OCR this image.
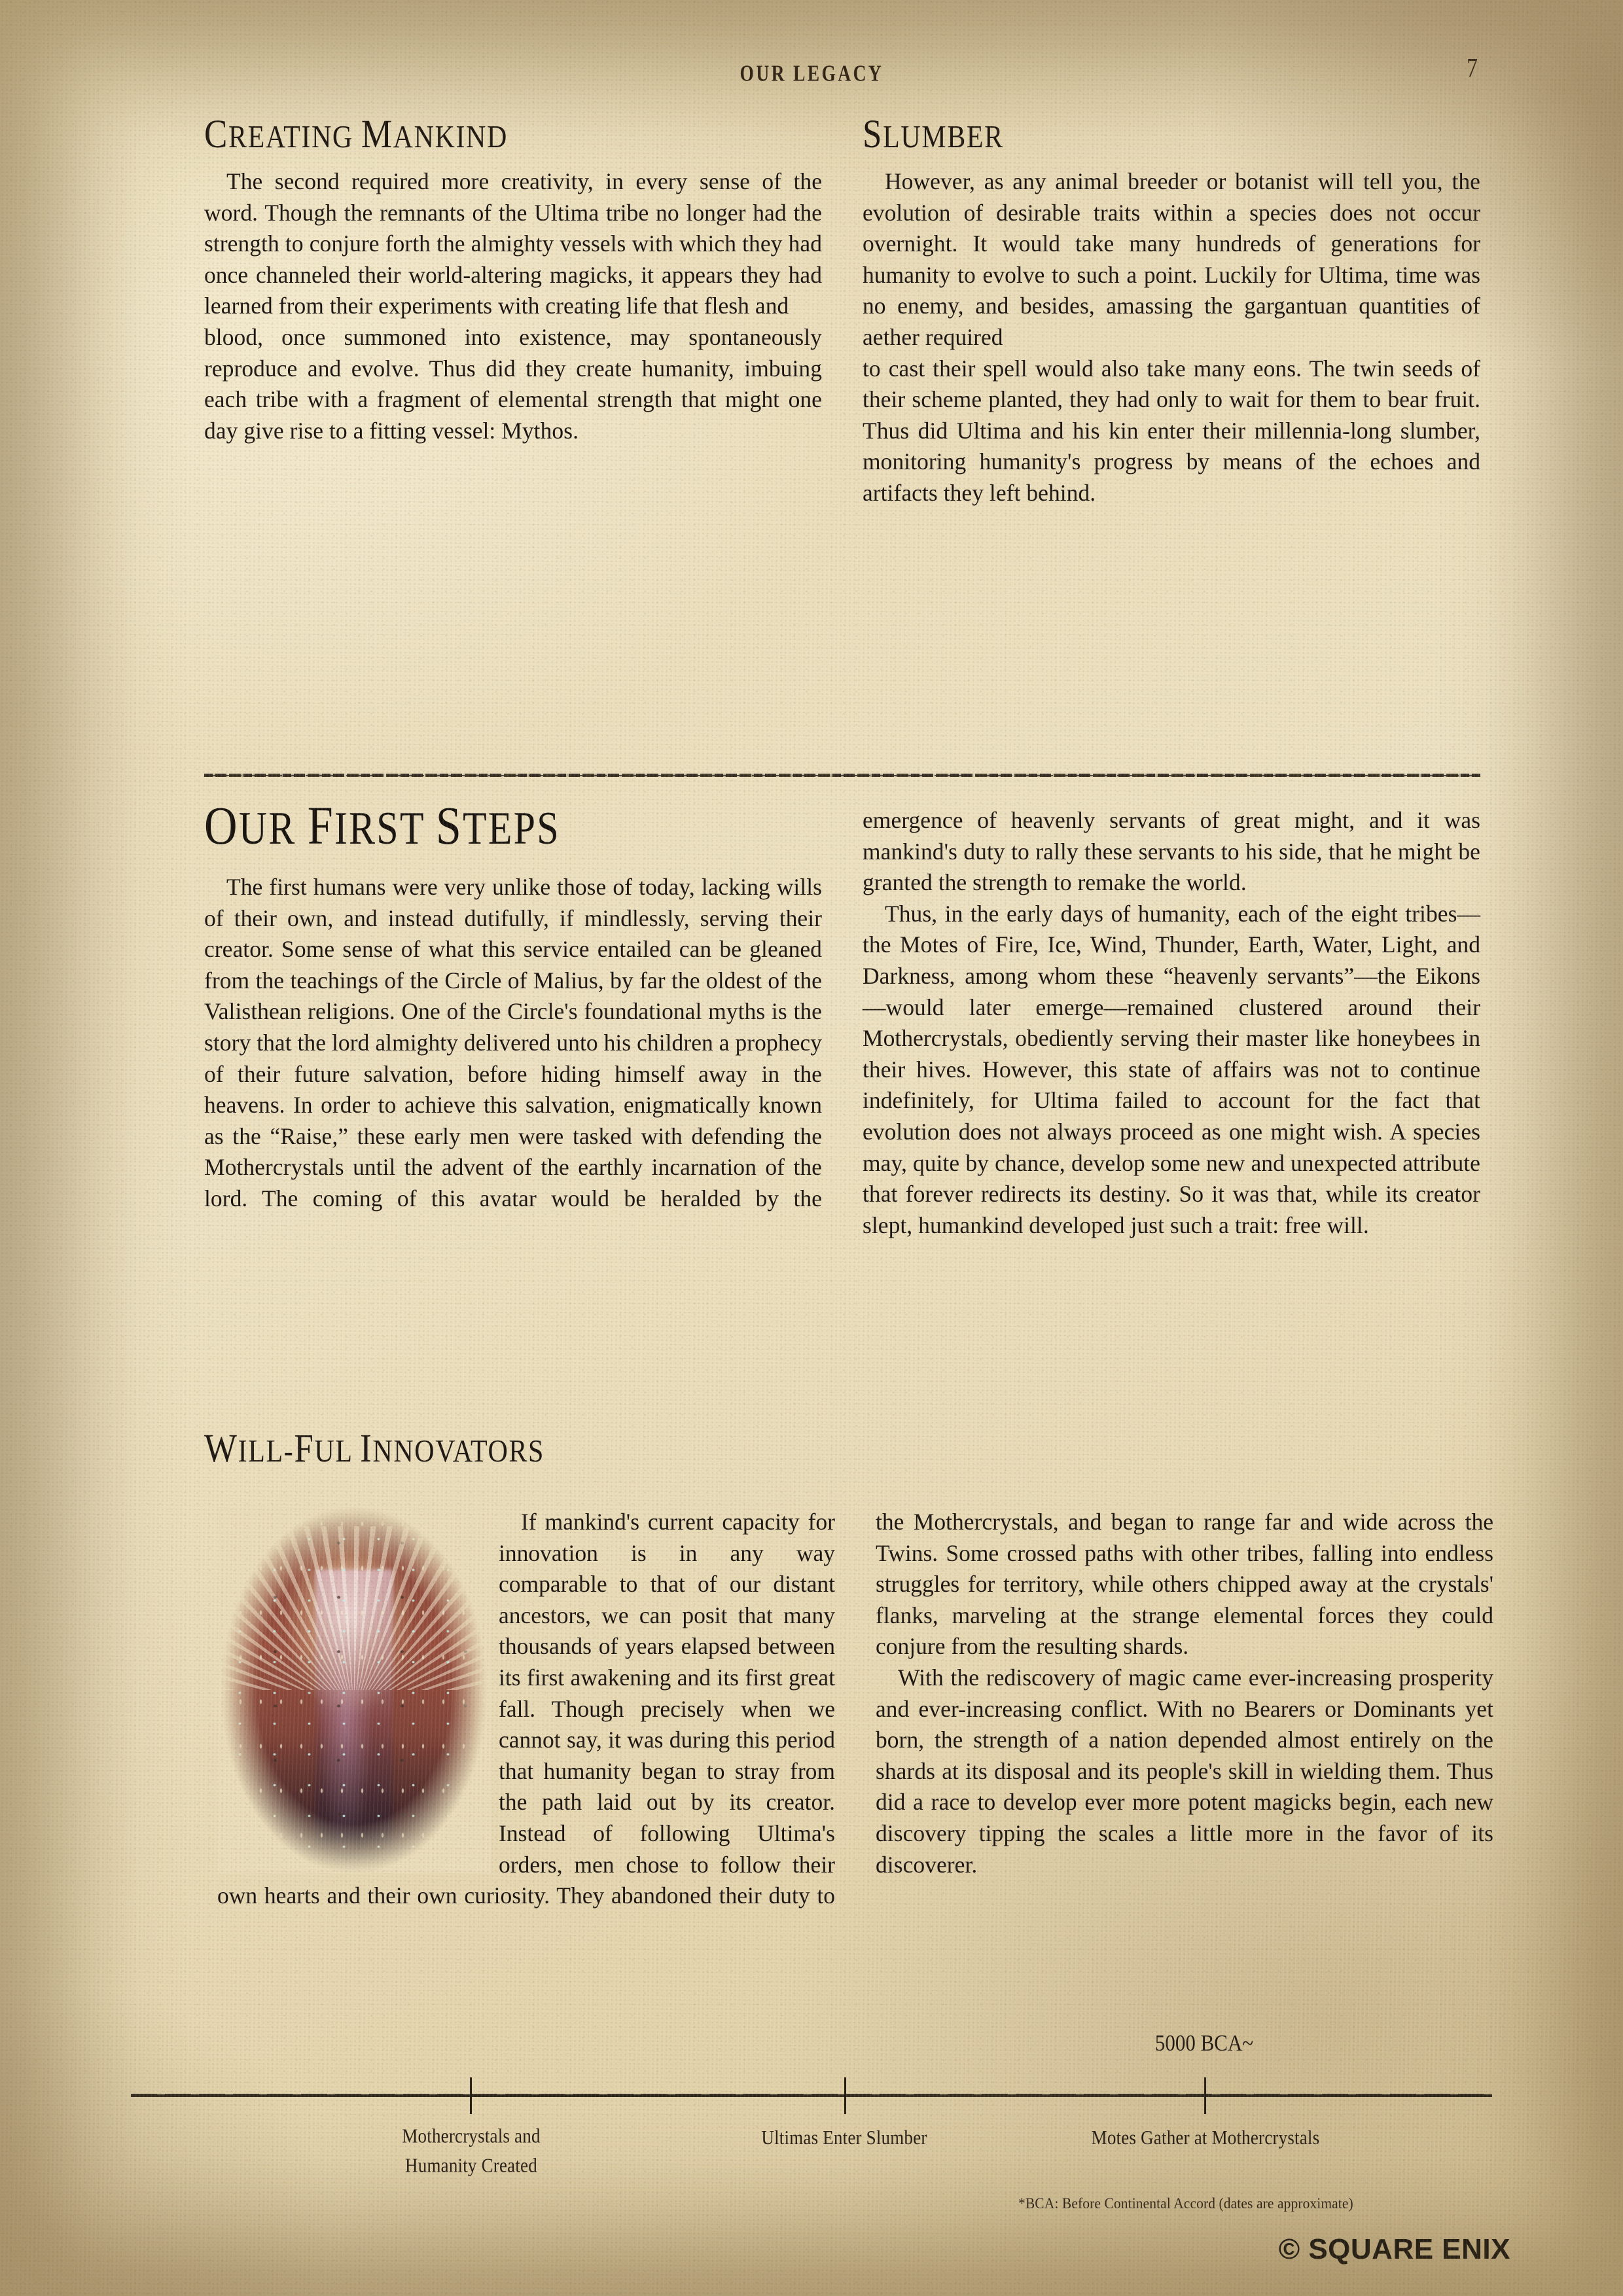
OUR LEGACY	7
CREATING MANKIND

The second required more creativity, in every sense of the word. Though the remnants of the Ultima tribe no longer had the strength to conjure forth the almighty vessels with which they had once channeled their world-altering magicks, it appears they had learned from their experiments with creating life that flesh and

blood, once summoned into existence, may spontaneously reproduce and evolve. Thus did they create humanity, imbuing each tribe with a fragment of elemental strength that might one day give rise to a fitting vessel: Mythos.

SLUMBER

However, as any animal breeder or botanist will tell you, the evolution of desirable traits within a species does not occur overnight. It would take many hundreds of generations for humanity to evolve to such a point. Luckily for Ultima, time was no enemy, and besides, amassing the gargantuan quantities of aether required

to cast their spell would also take many eons. The twin seeds of their scheme planted, they had only to wait for them to bear fruit. Thus did Ultima and his kin enter their millennia-long slumber, monitoring humanity's progress by means of the echoes and artifacts they left behind.

OUR FIRST STEPS

The first humans were very unlike those of today, lacking wills of their own, and instead dutifully, if mindlessly, serving their creator. Some sense of what this service entailed can be gleaned from the teachings of the Circle of Malius, by far the oldest of the Valisthean religions. One of the Circle's foundational myths is the story that the lord almighty delivered unto his children a prophecy of their future salvation, before hiding himself away in the heavens. In order to achieve this salvation, enigmatically known as the “Raise,” these early men were tasked with defending the Mothercrystals until the advent of the earthly incarnation of the lord. The coming of this avatar would be heralded by the emergence of heavenly servants of great might, and it was mankind's duty to rally these servants to his side, that he might be granted the strength to remake the world.

Thus, in the early days of humanity, each of the eight tribes—the Motes of Fire, Ice, Wind, Thunder, Earth, Water, Light, and Darkness, among whom these “heavenly servants”—the Eikons—would later emerge—remained clustered around their Mothercrystals, obediently serving their master like honeybees in their hives. However, this state of affairs was not to continue indefinitely, for Ultima failed to account for the fact that evolution does not always proceed as one might wish. A species may, quite by chance, develop some new and unexpected attribute that forever redirects its destiny. So it was that, while its creator slept, humankind developed just such a trait: free will.

WILL-FUL INNOVATORS

If mankind's current capacity for innovation is in any way comparable to that of our distant ancestors, we can posit that many thousands of years elapsed between its first awakening and its first great fall. Though precisely when we cannot say, it was during this period that humanity began to stray from the path laid out by its creator. Instead of following Ultima's orders, men chose to follow their own hearts and their own curiosity. They abandoned their duty to the Mothercrystals, and began to range far and wide across the Twins. Some crossed paths with other tribes, falling into endless struggles for territory, while others chipped away at the crystals' flanks, marveling at the strange elemental forces they could conjure from the resulting shards.

With the rediscovery of magic came ever-increasing prosperity and ever-increasing conflict. With no Bearers or Dominants yet born, the strength of a nation depended almost entirely on the shards at its disposal and its people's skill in wielding them. Thus did a race to develop ever more potent magicks begin, each new discovery tipping the scales a little more in the favor of its discoverer.

5000 BCA~
Mothercrystals and
Humanity Created
Ultimas Enter Slumber	Motes Gather at Mothercrystals
*BCA: Before Continental Accord (dates are approximate)
© SQUARE ENIX
